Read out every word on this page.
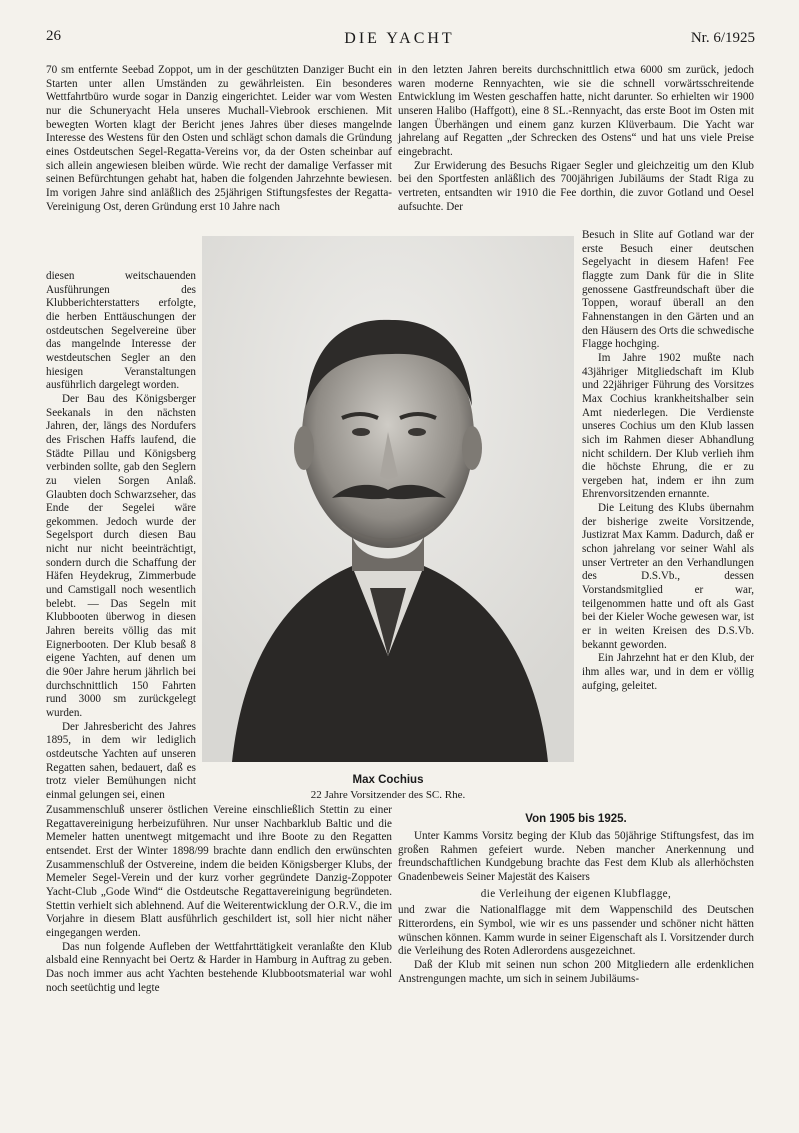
26	DIE YACHT	Nr. 6/1925

70 sm entfernte Seebad Zoppot, um in der geschützten Danziger Bucht ein Starten unter allen Umständen zu gewährleisten. Ein besonderes Wettfahrtbüro wurde sogar in Danzig eingerichtet. Leider war vom Westen nur die Schuneryacht Hela unseres Muchall-Viebrook erschienen. Mit bewegten Worten klagt der Bericht jenes Jahres über dieses mangelnde Interesse des Westens für den Osten und schlägt schon damals die Gründung eines Ostdeutschen Segel-Regatta-Vereins vor, da der Osten scheinbar auf sich allein angewiesen bleiben würde. Wie recht der damalige Verfasser mit seinen Befürchtungen gehabt hat, haben die folgenden Jahrzehnte bewiesen. Im vorigen Jahre sind anläßlich des 25jährigen Stiftungsfestes der Regatta-Vereinigung Ost, deren Gründung erst 10 Jahre nach

diesen weitschauenden Ausführungen des Klubberichterstatters erfolgte, die herben Enttäuschungen der ostdeutschen Segelvereine über das mangelnde Interesse der westdeutschen Segler an den hiesigen Veranstaltungen ausführlich dargelegt worden.

Der Bau des Königsberger Seekanals in den nächsten Jahren, der, längs des Nordufers des Frischen Haffs laufend, die Städte Pillau und Königsberg verbinden sollte, gab den Seglern zu vielen Sorgen Anlaß. Glaubten doch Schwarzseher, das Ende der Segelei wäre gekommen. Jedoch wurde der Segelsport durch diesen Bau nicht nur nicht beeinträchtigt, sondern durch die Schaffung der Häfen Heydekrug, Zimmerbude und Camstigall noch wesentlich belebt. — Das Segeln mit Klubbooten überwog in diesen Jahren bereits völlig das mit Eignerbooten. Der Klub besaß 8 eigene Yachten, auf denen um die 90er Jahre herum jährlich bei durchschnittlich 150 Fahrten rund 3000 sm zurückgelegt wurden.

Der Jahresbericht des Jahres 1895, in dem wir lediglich ostdeutsche Yachten auf unseren Regatten sahen, bedauert, daß es trotz vieler Bemühungen nicht einmal gelungen sei, einen

Max Cochius
22 Jahre Vorsitzender des SC. Rhe.

Zusammenschluß unserer östlichen Vereine einschließlich Stettin zu einer Regattavereinigung herbeizuführen. Nur unser Nachbarklub Baltic und die Memeler hatten unentwegt mitgemacht und ihre Boote zu den Regatten entsendet. Erst der Winter 1898/99 brachte dann endlich den erwünschten Zusammenschluß der Ostvereine, indem die beiden Königsberger Klubs, der Memeler Segel-Verein und der kurz vorher gegründete Danzig-Zoppoter Yacht-Club „Gode Wind“ die Ostdeutsche Regattavereinigung begründeten. Stettin verhielt sich ablehnend. Auf die Weiterentwicklung der O.R.V., die im Vorjahre in diesem Blatt ausführlich geschildert ist, soll hier nicht näher eingegangen werden.

Das nun folgende Aufleben der Wettfahrttätigkeit veranlaßte den Klub alsbald eine Rennyacht bei Oertz & Harder in Hamburg in Auftrag zu geben. Das noch immer aus acht Yachten bestehende Klubbootsmaterial war wohl noch seetüchtig und legte

in den letzten Jahren bereits durchschnittlich etwa 6000 sm zurück, jedoch waren moderne Rennyachten, wie sie die schnell vorwärtsschreitende Entwicklung im Westen geschaffen hatte, nicht darunter. So erhielten wir 1900 unseren Halibo (Haffgott), eine 8 SL.-Rennyacht, das erste Boot im Osten mit langen Überhängen und einem ganz kurzen Klüverbaum. Die Yacht war jahrelang auf Regatten „der Schrecken des Ostens“ und hat uns viele Preise eingebracht.

Zur Erwiderung des Besuchs Rigaer Segler und gleichzeitig um den Klub bei den Sportfesten anläßlich des 700jährigen Jubiläums der Stadt Riga zu vertreten, entsandten wir 1910 die Fee dorthin, die zuvor Gotland und Oesel aufsuchte. Der

Besuch in Slite auf Gotland war der erste Besuch einer deutschen Segelyacht in diesem Hafen! Fee flaggte zum Dank für die in Slite genossene Gastfreundschaft über die Toppen, worauf überall an den Fahnenstangen in den Gärten und an den Häusern des Orts die schwedische Flagge hochging.

Im Jahre 1902 mußte nach 43jähriger Mitgliedschaft im Klub und 22jähriger Führung des Vorsitzes Max Cochius krankheitshalber sein Amt niederlegen. Die Verdienste unseres Cochius um den Klub lassen sich im Rahmen dieser Abhandlung nicht schildern. Der Klub verlieh ihm die höchste Ehrung, die er zu vergeben hat, indem er ihn zum Ehrenvorsitzenden ernannte.

Die Leitung des Klubs übernahm der bisherige zweite Vorsitzende, Justizrat Max Kamm. Dadurch, daß er schon jahrelang vor seiner Wahl als unser Vertreter an den Verhandlungen des D.S.Vb., dessen Vorstandsmitglied er war, teilgenommen hatte und oft als Gast bei der Kieler Woche gewesen war, ist er in weiten Kreisen des D.S.Vb. bekannt geworden.

Ein Jahrzehnt hat er den Klub, der ihm alles war, und in dem er völlig aufging, geleitet.

Von 1905 bis 1925.

Unter Kamms Vorsitz beging der Klub das 50jährige Stiftungsfest, das im großen Rahmen gefeiert wurde. Neben mancher Anerkennung und freundschaftlichen Kundgebung brachte das Fest dem Klub als allerhöchsten Gnadenbeweis Seiner Majestät des Kaisers

die Verleihung der eigenen Klubflagge,

und zwar die Nationalflagge mit dem Wappenschild des Deutschen Ritterordens, ein Symbol, wie wir es uns passender und schöner nicht hätten wünschen können. Kamm wurde in seiner Eigenschaft als I. Vorsitzender durch die Verleihung des Roten Adlerordens ausgezeichnet.

Daß der Klub mit seinen nun schon 200 Mitgliedern alle erdenklichen Anstrengungen machte, um sich in seinem Jubiläums-
